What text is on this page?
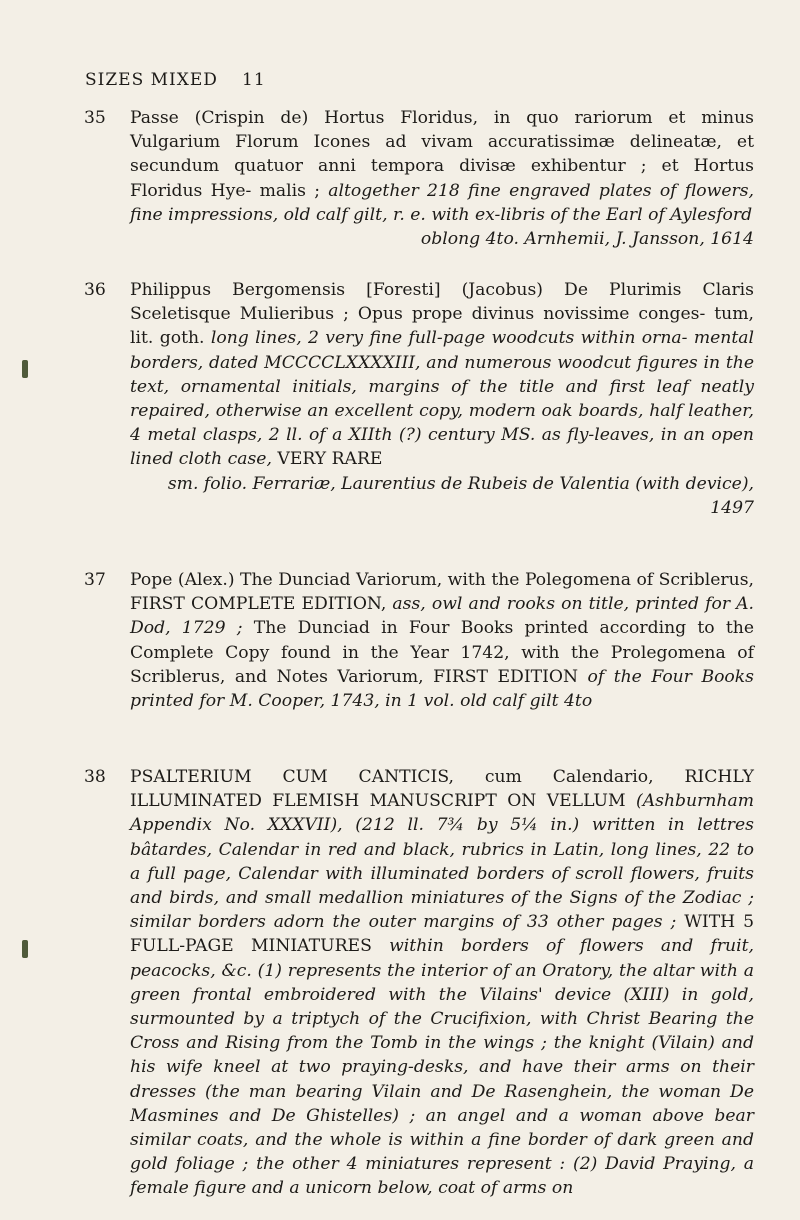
SIZES MIXED 11
35	Passe (Crispin de) Hortus Floridus, in quo rariorum et minus Vulgarium Florum Icones ad vivam accuratissimæ delineatæ, et secundum quatuor anni tempora divisæ exhibentur ; et Hortus Floridus Hye- malis ; altogether 218 fine engraved plates of flowers, fine impressions, old calf gilt, r. e. with ex-libris of the Earl of Aylesford
oblong 4to. Arnhemii, J. Jansson, 1614
36	Philippus Bergomensis [Foresti] (Jacobus) De Plurimis Claris Sceletisque Mulieribus ; Opus prope divinus novissime conges- tum, lit. goth. long lines, 2 very fine full-page woodcuts within orna- mental borders, dated MCCCCLXXXXIII, and numerous woodcut figures in the text, ornamental initials, margins of the title and first leaf neatly repaired, otherwise an excellent copy, modern oak boards, half leather, 4 metal clasps, 2 ll. of a XIIth (?) century MS. as fly-leaves, in an open lined cloth case, VERY RARE
sm. folio. Ferrariæ, Laurentius de Rubeis de Valentia (with device), 1497
37	Pope (Alex.) The Dunciad Variorum, with the Polegomena of Scriblerus, FIRST COMPLETE EDITION, ass, owl and rooks on title, printed for A. Dod, 1729 ; The Dunciad in Four Books printed according to the Complete Copy found in the Year 1742, with the Prolegomena of Scriblerus, and Notes Variorum, FIRST EDITION of the Four Books printed for M. Cooper, 1743, in 1 vol. old calf gilt 4to
38	PSALTERIUM CUM CANTICIS, cum Calendario, RICHLY ILLUMINATED FLEMISH MANUSCRIPT ON VELLUM (Ashburnham Appendix No. XXXVII), (212 ll. 7¾ by 5¼ in.) written in lettres bâtardes, Calendar in red and black, rubrics in Latin, long lines, 22 to a full page, Calendar with illuminated borders of scroll flowers, fruits and birds, and small medallion miniatures of the Signs of the Zodiac ; similar borders adorn the outer margins of 33 other pages ; WITH 5 FULL-PAGE MINIATURES within borders of flowers and fruit, peacocks, &c. (1) represents the interior of an Oratory, the altar with a green frontal embroidered with the Vilains' device (XIII) in gold, surmounted by a triptych of the Crucifixion, with Christ Bearing the Cross and Rising from the Tomb in the wings ; the knight (Vilain) and his wife kneel at two praying-desks, and have their arms on their dresses (the man bearing Vilain and De Rasenghein, the woman De Masmines and De Ghistelles) ; an angel and a woman above bear similar coats, and the whole is within a fine border of dark green and gold foliage ; the other 4 miniatures represent : (2) David Praying, a female figure and a unicorn below, coat of arms on
